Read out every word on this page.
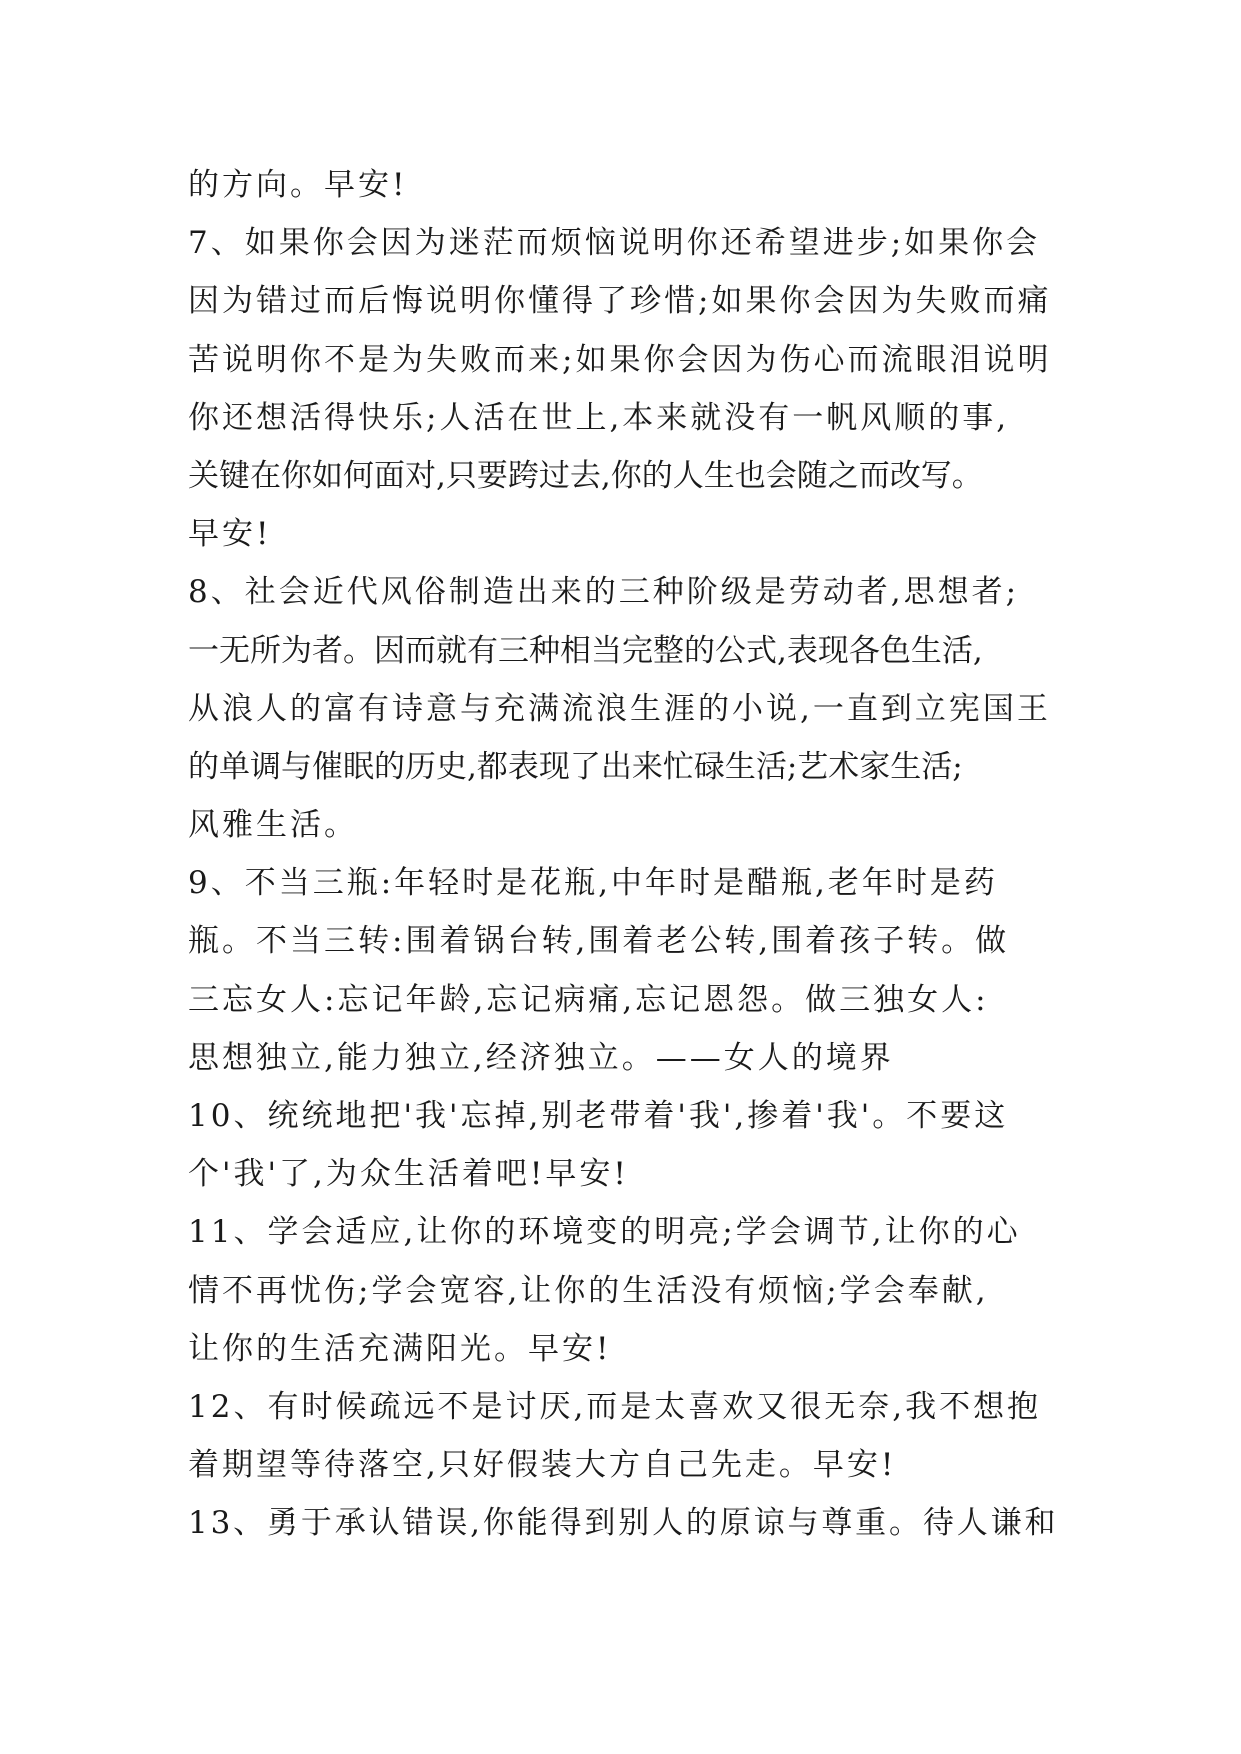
的方向。早安!
7、如果你会因为迷茫而烦恼说明你还希望进步;如果你会
因为错过而后悔说明你懂得了珍惜;如果你会因为失败而痛
苦说明你不是为失败而来;如果你会因为伤心而流眼泪说明
你还想活得快乐;人活在世上,本来就没有一帆风顺的事,
关键在你如何面对,只要跨过去,你的人生也会随之而改写。
早安!
8、社会近代风俗制造出来的三种阶级是劳动者,思想者;
一无所为者。因而就有三种相当完整的公式,表现各色生活,
从浪人的富有诗意与充满流浪生涯的小说,一直到立宪国王
的单调与催眠的历史,都表现了出来忙碌生活;艺术家生活;
风雅生活。
9、不当三瓶:年轻时是花瓶,中年时是醋瓶,老年时是药
瓶。不当三转:围着锅台转,围着老公转,围着孩子转。做
三忘女人:忘记年龄,忘记病痛,忘记恩怨。做三独女人:
思想独立,能力独立,经济独立。——女人的境界
10、统统地把'我'忘掉,别老带着'我',掺着'我'。不要这
个'我'了,为众生活着吧!早安!
11、学会适应,让你的环境变的明亮;学会调节,让你的心
情不再忧伤;学会宽容,让你的生活没有烦恼;学会奉献,
让你的生活充满阳光。早安!
12、有时候疏远不是讨厌,而是太喜欢又很无奈,我不想抱
着期望等待落空,只好假装大方自己先走。早安!
13、勇于承认错误,你能得到别人的原谅与尊重。待人谦和
